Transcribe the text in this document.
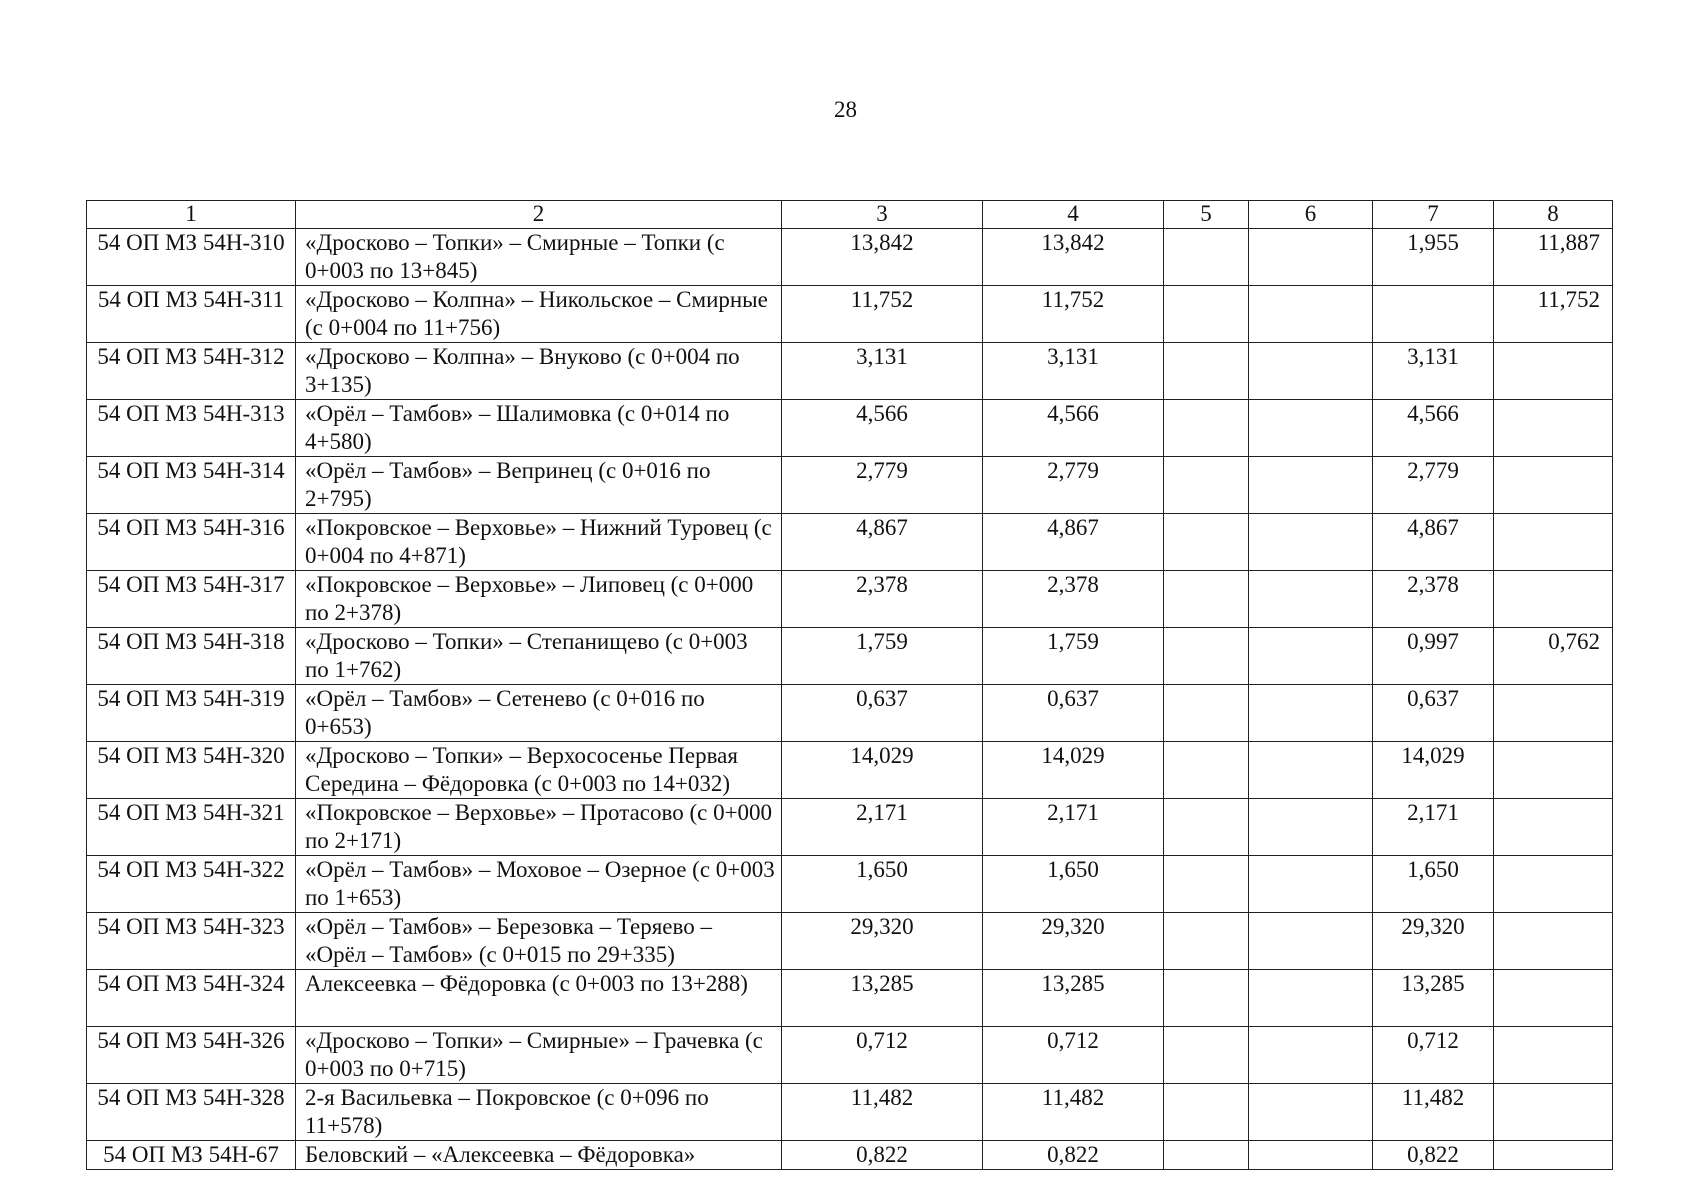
28
1	2	3	4	5	6	7	8
54 ОП МЗ 54Н-310	«Дросково – Топки» – Смирные – Топки (с 0+003 по 13+845)	13,842	13,842			1,955	11,887
54 ОП МЗ 54Н-311	«Дросково – Колпна» – Никольское – Смирные (с 0+004 по 11+756)	11,752	11,752				11,752
54 ОП МЗ 54Н-312	«Дросково – Колпна» – Внуково (с 0+004 по 3+135)	3,131	3,131			3,131	
54 ОП МЗ 54Н-313	«Орёл – Тамбов» – Шалимовка (с 0+014 по 4+580)	4,566	4,566			4,566	
54 ОП МЗ 54Н-314	«Орёл – Тамбов» – Вепринец (с 0+016 по 2+795)	2,779	2,779			2,779	
54 ОП МЗ 54Н-316	«Покровское – Верховье» – Нижний Туровец (с 0+004 по 4+871)	4,867	4,867			4,867	
54 ОП МЗ 54Н-317	«Покровское – Верховье» – Липовец (с 0+000 по 2+378)	2,378	2,378			2,378	
54 ОП МЗ 54Н-318	«Дросково – Топки» – Степанищево (с 0+003 по 1+762)	1,759	1,759			0,997	0,762
54 ОП МЗ 54Н-319	«Орёл – Тамбов» – Сетенево (с 0+016 по 0+653)	0,637	0,637			0,637	
54 ОП МЗ 54Н-320	«Дросково – Топки» – Верхососенье Первая Середина – Фёдоровка (с 0+003 по 14+032)	14,029	14,029			14,029	
54 ОП МЗ 54Н-321	«Покровское – Верховье» – Протасово (с 0+000 по 2+171)	2,171	2,171			2,171	
54 ОП МЗ 54Н-322	«Орёл – Тамбов» – Моховое – Озерное (с 0+003 по 1+653)	1,650	1,650			1,650	
54 ОП МЗ 54Н-323	«Орёл – Тамбов» – Березовка – Теряево – «Орёл – Тамбов» (с 0+015 по 29+335)	29,320	29,320			29,320	
54 ОП МЗ 54Н-324	Алексеевка – Фёдоровка (с 0+003 по 13+288)	13,285	13,285			13,285	
54 ОП МЗ 54Н-326	«Дросково – Топки» – Смирные» – Грачевка (с 0+003 по 0+715)	0,712	0,712			0,712	
54 ОП МЗ 54Н-328	2-я Васильевка – Покровское (с 0+096 по 11+578)	11,482	11,482			11,482	
54 ОП МЗ 54Н-67	Беловский – «Алексеевка – Фёдоровка»	0,822	0,822			0,822	
